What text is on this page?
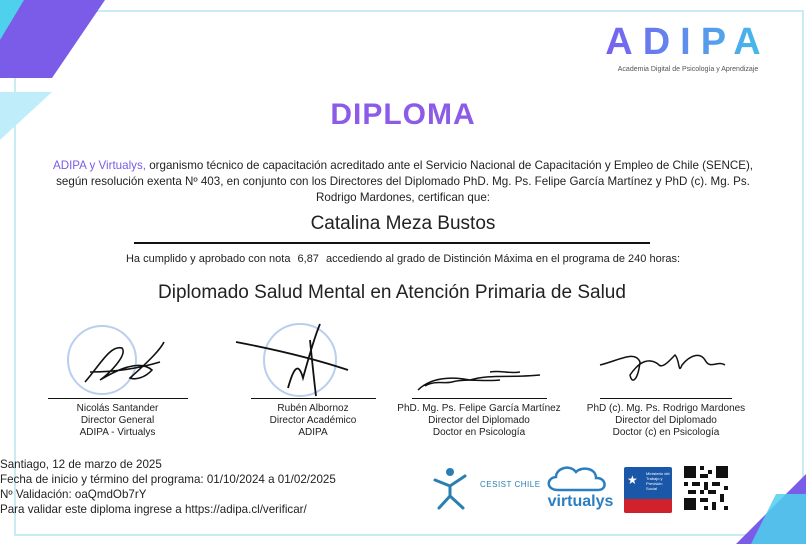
ADIPA
Academia Digital de Psicología y Aprendizaje
DIPLOMA
ADIPA y Virtualys, organismo técnico de capacitación acreditado ante el Servicio Nacional de Capacitación y Empleo de Chile (SENCE), según resolución exenta Nº 403, en conjunto con los Directores del Diplomado PhD. Mg. Ps. Felipe García Martínez y PhD (c). Mg. Ps. Rodrigo Mardones, certifican que:
Catalina Meza Bustos
Ha cumplido y aprobado con nota 6,87 accediendo al grado de Distinción Máxima en el programa de 240 horas:
Diplomado Salud Mental en Atención Primaria de Salud
Nicolás Santander
Director General
ADIPA - Virtualys
Rubén Albornoz
Director Académico
ADIPA
PhD. Mg. Ps. Felipe García Martínez
Director del Diplomado
Doctor en Psicología
PhD (c). Mg. Ps. Rodrigo Mardones
Director del Diplomado
Doctor (c) en Psicología
Santiago, 12 de marzo de 2025
Fecha de inicio y término del programa: 01/10/2024 a 01/02/2025
Nº Validación: oaQmdOb7rY
Para validar este diploma ingrese a https://adipa.cl/verificar/
CESIST CHILE
virtualys
★	Ministerio del Trabajo y Previsión Social
